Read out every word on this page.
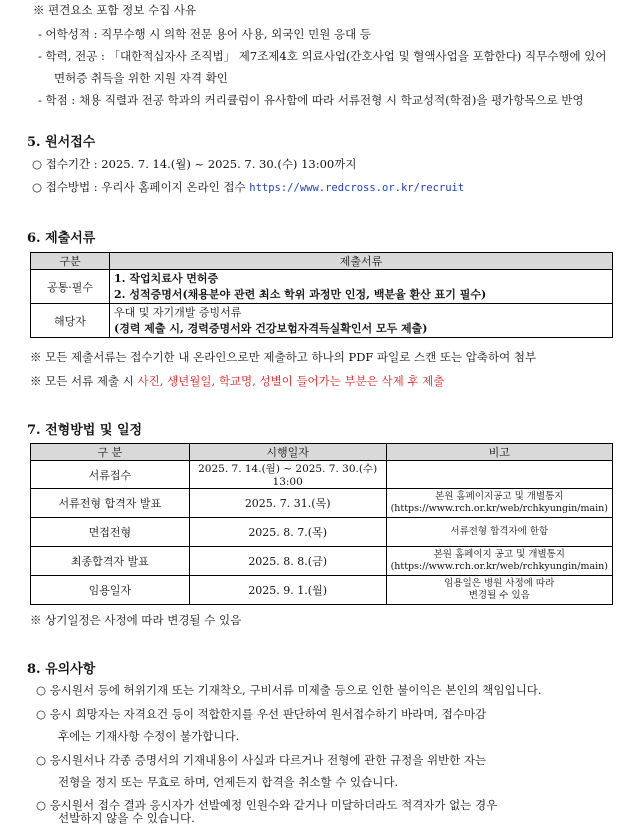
※ 편견요소 포함 정보 수집 사유
- 어학성적 : 직무수행 시 의학 전문 용어 사용, 외국인 민원 응대 등
- 학력, 전공 : 「대한적십자사 조직법」 제7조제4호 의료사업(간호사업 및 혈액사업을 포함한다) 직무수행에 있어
면허증 취득을 위한 지원 자격 확인
- 학점 : 채용 직렬과 전공 학과의 커리큘럼이 유사함에 따라 서류전형 시 학교성적(학점)을 평가항목으로 반영
5. 원서접수
○ 접수기간 : 2025. 7. 14.(월) ~ 2025. 7. 30.(수) 13:00까지
○ 접수방법 : 우리사 홈페이지 온라인 접수 https://www.redcross.or.kr/recruit
6. 제출서류
구분	제출서류
공통·필수	1. 작업치료사 면허증
2. 성적증명서(채용분야 관련 최소 학위 과정만 인정, 백분율 환산 표기 필수)

해당자	우대 및 자기개발 증빙서류
(경력 제출 시, 경력증명서와 건강보험자격득실확인서 모두 제출)
※ 모든 제출서류는 접수기한 내 온라인으로만 제출하고 하나의 PDF 파일로 스캔 또는 압축하여 첨부
※ 모든 서류 제출 시 사진, 생년월일, 학교명, 성별이 들어가는 부분은 삭제 후 제출
7. 전형방법 및 일정
구 분	시행일자	비고
서류접수	2025. 7. 14.(월) ~ 2025. 7. 30.(수) 13:00	

서류전형 합격자 발표	2025. 7. 31.(목)	본원 홈페이지공고 및 개별통지
(https://www.rch.or.kr/web/rchkyungin/main)

면접전형	2025. 8. 7.(목)	서류전형 합격자에 한함

최종합격자 발표	2025. 8. 8.(금)	본원 홈페이지 공고 및 개별통지
(https://www.rch.or.kr/web/rchkyungin/main)

임용일자	2025. 9. 1.(월)	임용일은 병원 사정에 따라
변경될 수 있음
※ 상기일정은 사정에 따라 변경될 수 있음
8. 유의사항
○ 응시원서 등에 허위기재 또는 기재착오, 구비서류 미제출 등으로 인한 불이익은 본인의 책임입니다.
○ 응시 희망자는 자격요건 등이 적합한지를 우선 판단하여 원서접수하기 바라며, 접수마감
후에는 기재사항 수정이 불가합니다.
○ 응시원서나 각종 증명서의 기재내용이 사실과 다르거나 전형에 관한 규정을 위반한 자는
전형을 정지 또는 무효로 하며, 언제든지 합격을 취소할 수 있습니다.
○ 응시원서 접수 결과 응시자가 선발예정 인원수와 같거나 미달하더라도 적격자가 없는 경우
선발하지 않을 수 있습니다.
